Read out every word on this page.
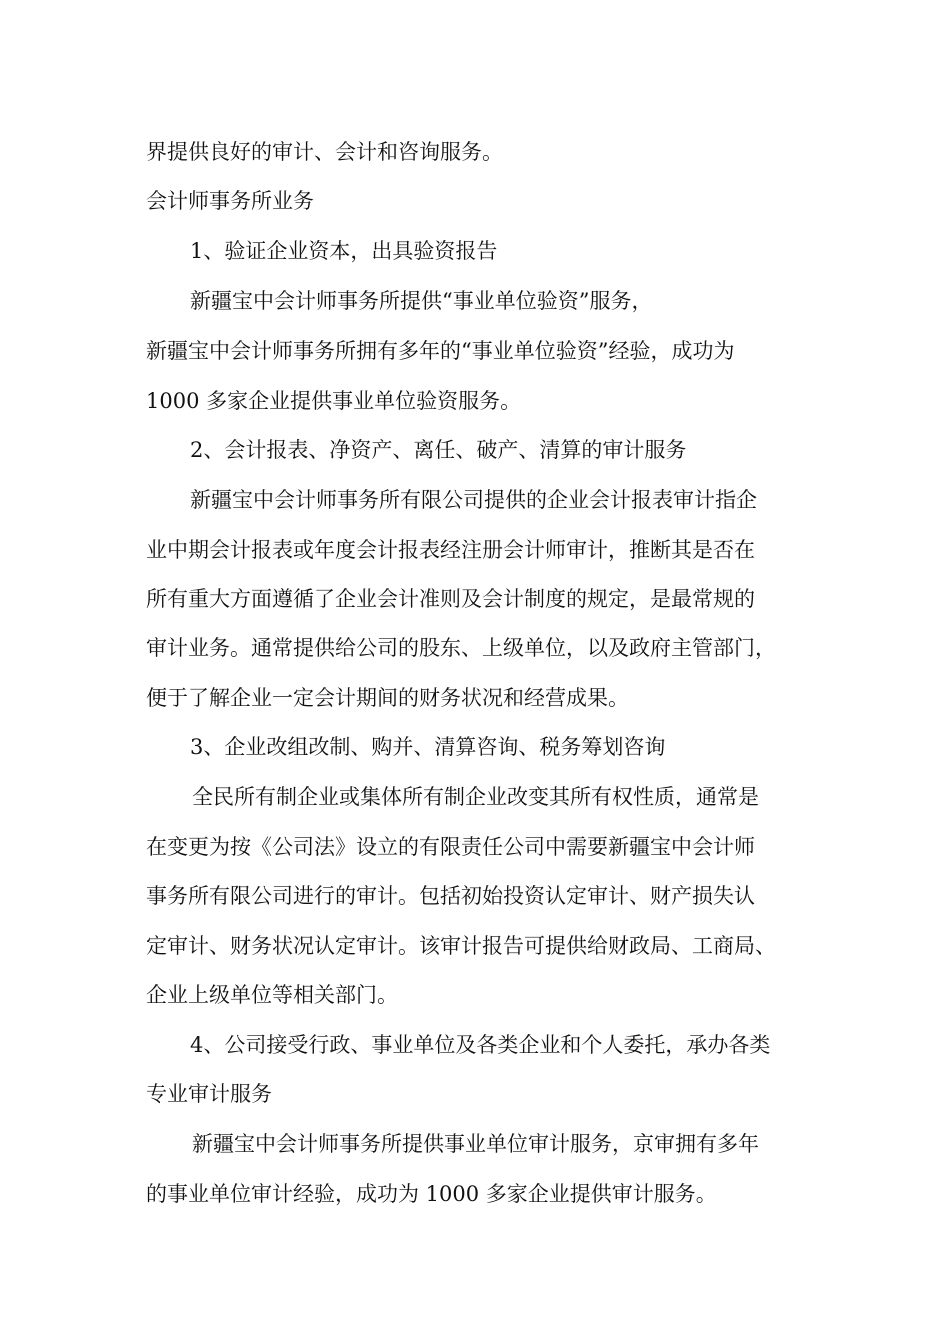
界提供良好的审计、会计和咨询服务。
会计师事务所业务
1、验证企业资本，出具验资报告
新疆宝中会计师事务所提供“事业单位验资”服务，
新疆宝中会计师事务所拥有多年的“事业单位验资”经验，成功为
1000 多家企业提供事业单位验资服务。
2、会计报表、净资产、离任、破产、清算的审计服务
新疆宝中会计师事务所有限公司提供的企业会计报表审计指企
业中期会计报表或年度会计报表经注册会计师审计，推断其是否在
所有重大方面遵循了企业会计准则及会计制度的规定，是最常规的
审计业务。通常提供给公司的股东、上级单位，以及政府主管部门，
便于了解企业一定会计期间的财务状况和经营成果。
3、企业改组改制、购并、清算咨询、税务筹划咨询
全民所有制企业或集体所有制企业改变其所有权性质，通常是
在变更为按《公司法》设立的有限责任公司中需要新疆宝中会计师
事务所有限公司进行的审计。包括初始投资认定审计、财产损失认
定审计、财务状况认定审计。该审计报告可提供给财政局、工商局、
企业上级单位等相关部门。
4、公司接受行政、事业单位及各类企业和个人委托，承办各类
专业审计服务
新疆宝中会计师事务所提供事业单位审计服务，京审拥有多年
的事业单位审计经验，成功为 1000 多家企业提供审计服务。
